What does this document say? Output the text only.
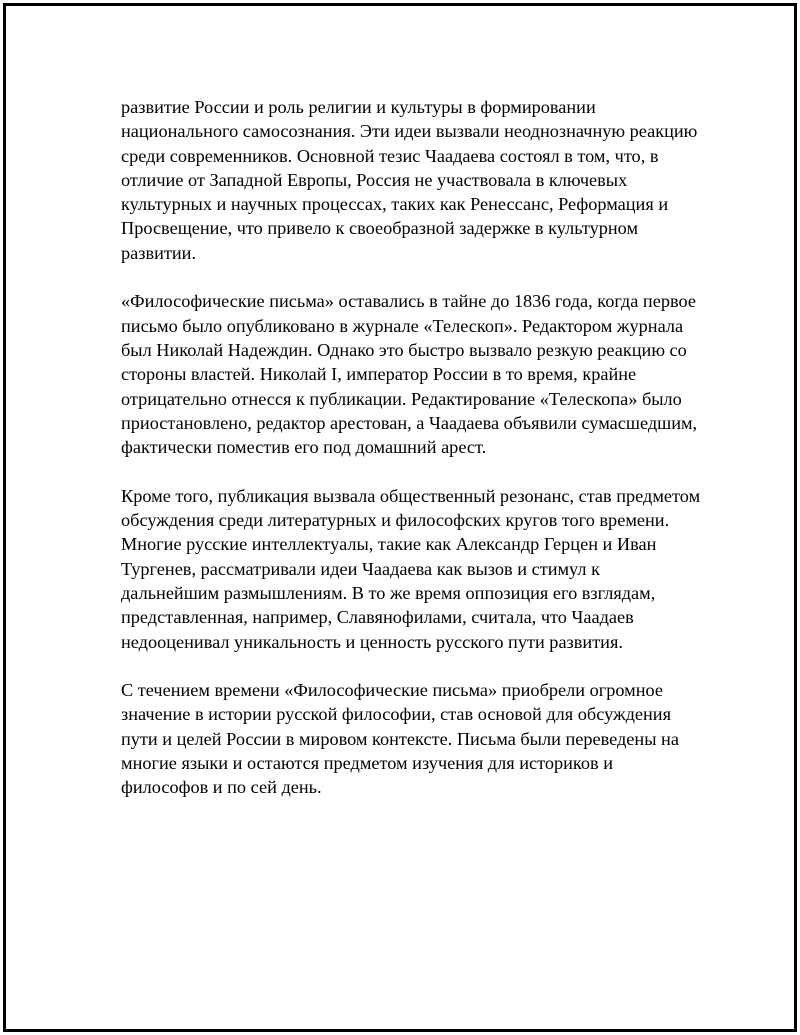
развитие России и роль религии и культуры в формировании национального самосознания. Эти идеи вызвали неоднозначную реакцию среди современников. Основной тезис Чаадаева состоял в том, что, в отличие от Западной Европы, Россия не участвовала в ключевых культурных и научных процессах, таких как Ренессанс, Реформация и Просвещение, что привело к своеобразной задержке в культурном развитии.

«Философические письма» оставались в тайне до 1836 года, когда первое письмо было опубликовано в журнале «Телескоп». Редактором журнала был Николай Надеждин. Однако это быстро вызвало резкую реакцию со стороны властей. Николай I, император России в то время, крайне отрицательно отнесся к публикации. Редактирование «Телескопа» было приостановлено, редактор арестован, а Чаадаева объявили сумасшедшим, фактически поместив его под домашний арест.

Кроме того, публикация вызвала общественный резонанс, став предметом обсуждения среди литературных и философских кругов того времени. Многие русские интеллектуалы, такие как Александр Герцен и Иван Тургенев, рассматривали идеи Чаадаева как вызов и стимул к дальнейшим размышлениям. В то же время оппозиция его взглядам, представленная, например, Славянофилами, считала, что Чаадаев недооценивал уникальность и ценность русского пути развития.

С течением времени «Философические письма» приобрели огромное значение в истории русской философии, став основой для обсуждения пути и целей России в мировом контексте. Письма были переведены на многие языки и остаются предметом изучения для историков и философов и по сей день.
